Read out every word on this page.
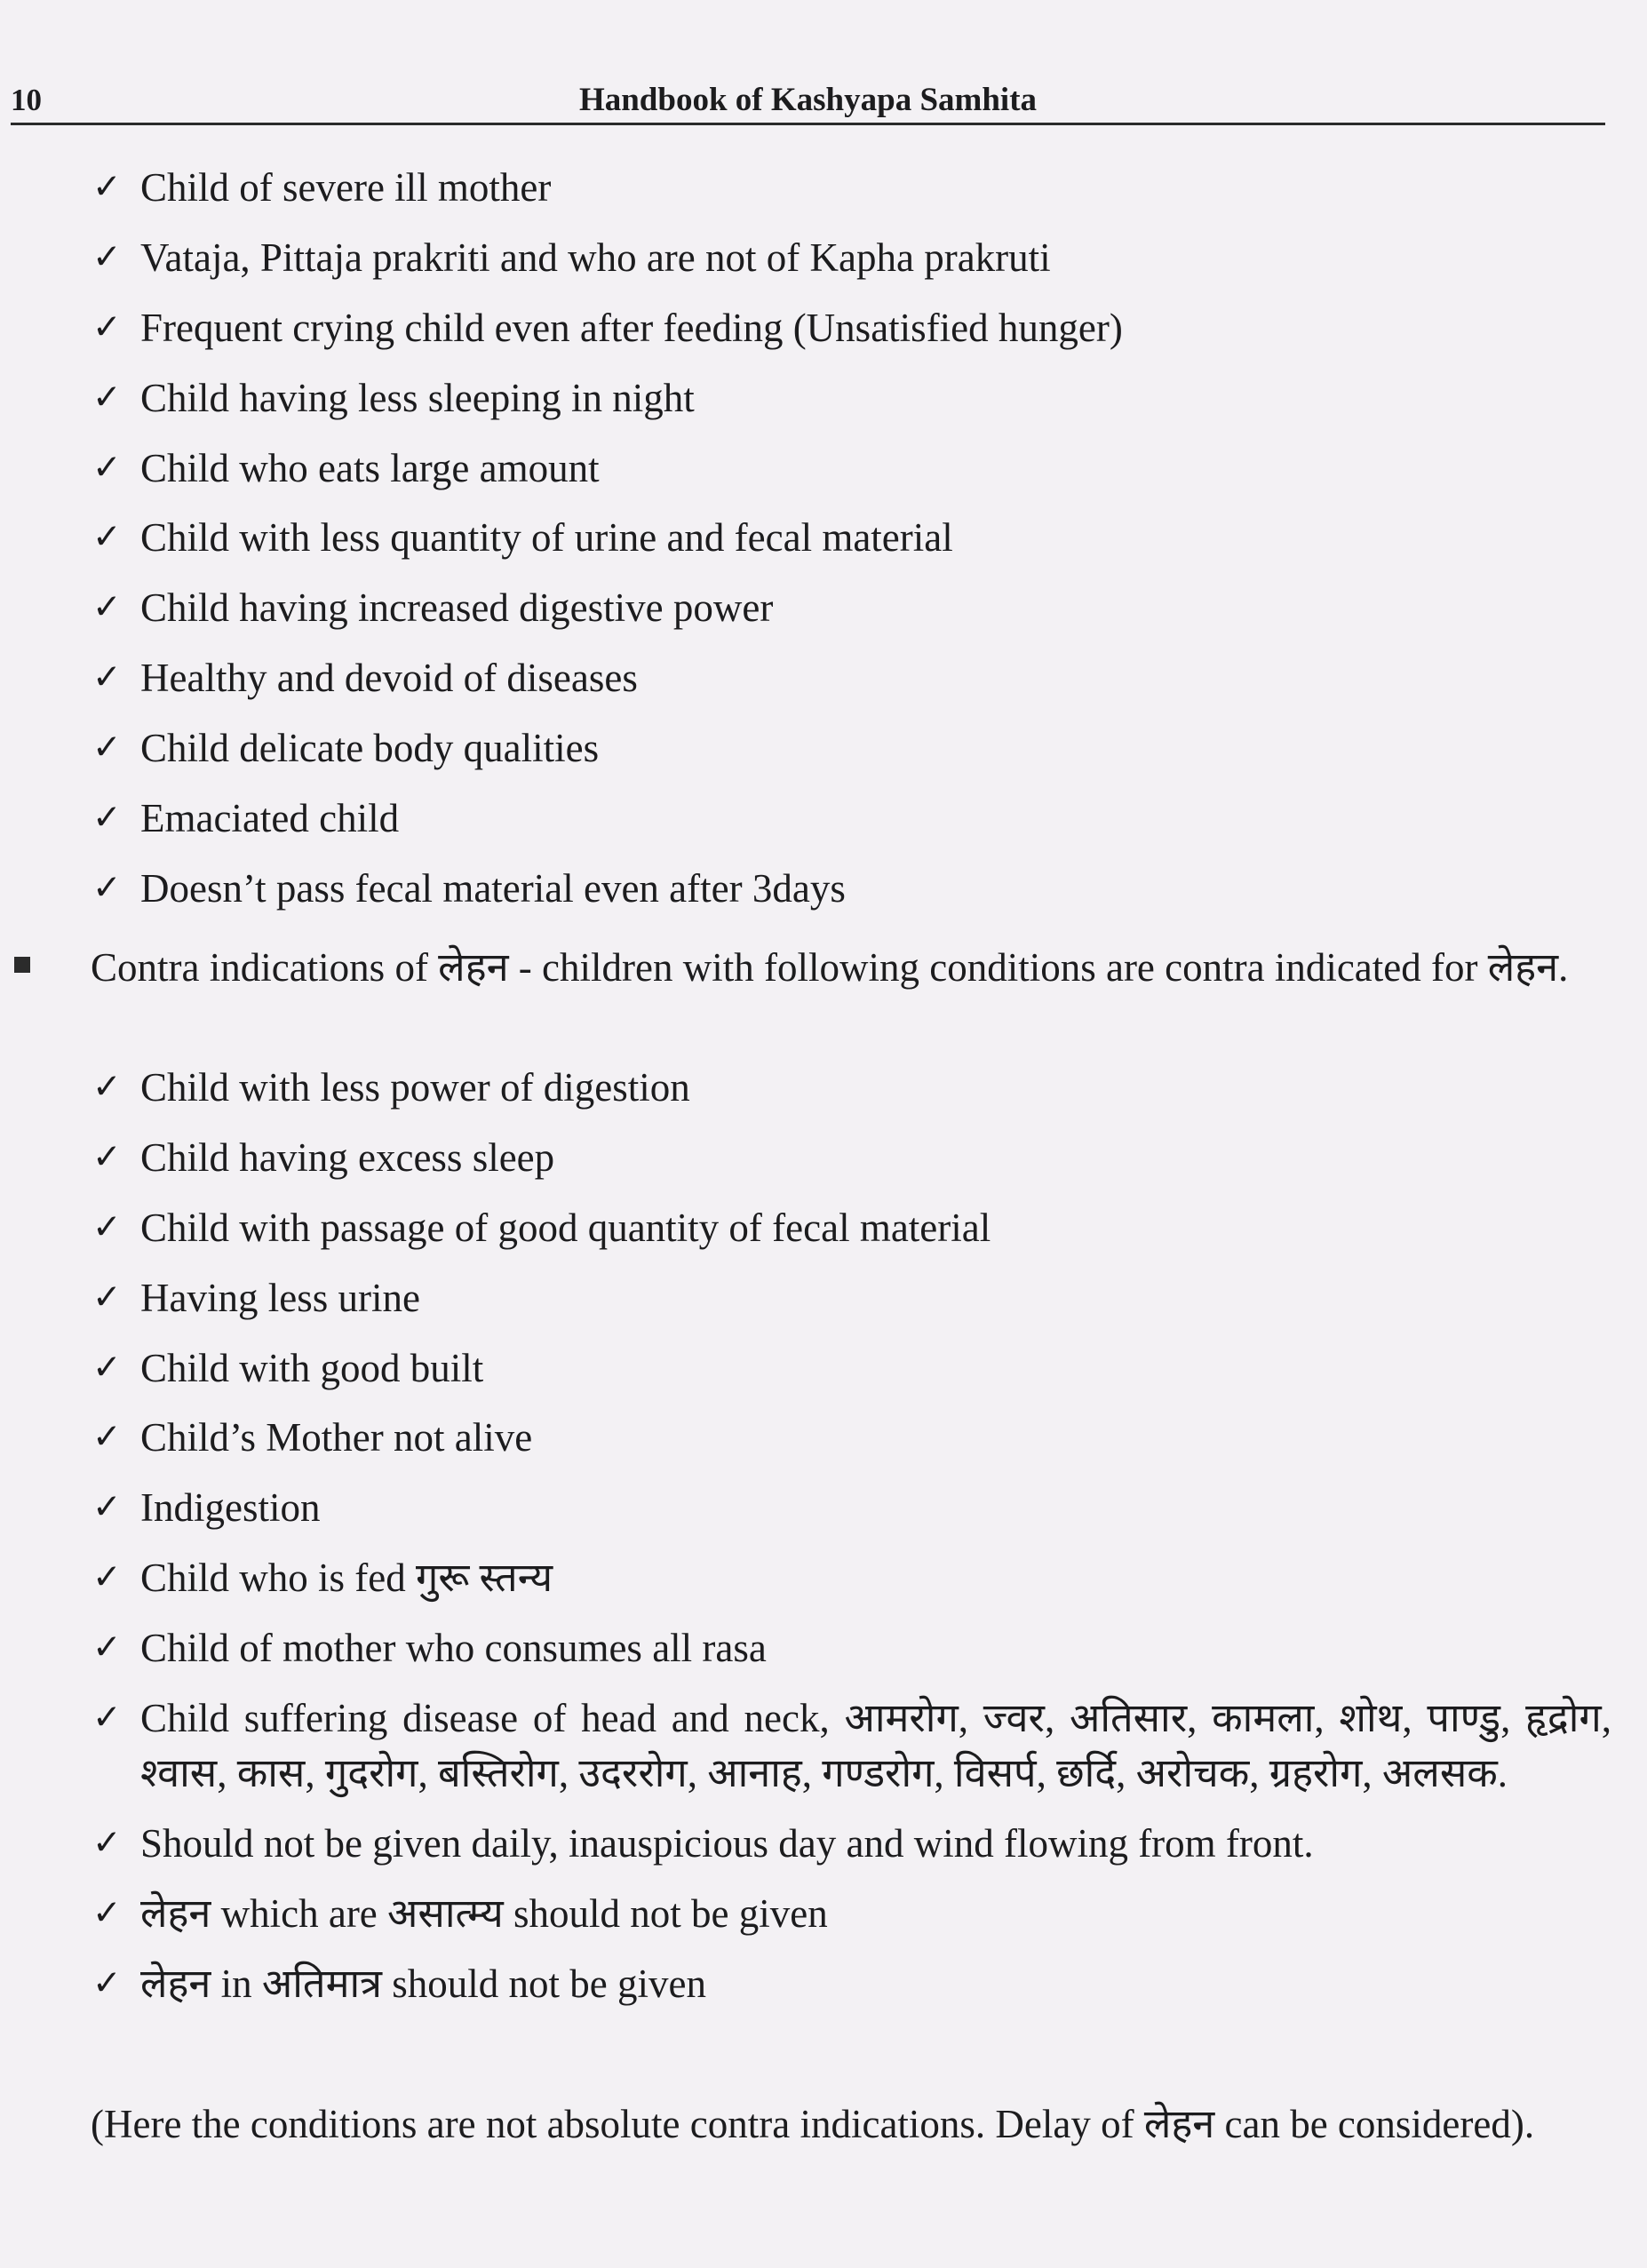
10	Handbook of Kashyapa Samhita
✓ Child of severe ill mother
✓ Vataja, Pittaja prakriti and who are not of Kapha prakruti
✓ Frequent crying child even after feeding (Unsatisfied hunger)
✓ Child having less sleeping in night
✓ Child who eats large amount
✓ Child with less quantity of urine and fecal material
✓ Child having increased digestive power
✓ Healthy and devoid of diseases
✓ Child delicate body qualities
✓ Emaciated child
✓ Doesn’t pass fecal material even after 3days
Contra indications of लेहन - children with following conditions are contra indicated for लेहन.
✓ Child with less power of digestion
✓ Child having excess sleep
✓ Child with passage of good quantity of fecal material
✓ Having less urine
✓ Child with good built
✓ Child’s Mother not alive
✓ Indigestion
✓ Child who is fed गुरू स्तन्य
✓ Child of mother who consumes all rasa
✓ Child suffering disease of head and neck, आमरोग, ज्वर, अतिसार, कामला, शोथ, पाण्डु, हृद्रोग, श्वास, कास, गुदरोग, बस्तिरोग, उदररोग, आनाह, गण्डरोग, विसर्प, छर्दि, अरोचक, ग्रहरोग, अलसक.
✓ Should not be given daily, inauspicious day and wind flowing from front.
✓ लेहन which are असात्म्य should not be given
✓ लेहन in अतिमात्र should not be given
(Here the conditions are not absolute contra indications. Delay of लेहन can be considered).
